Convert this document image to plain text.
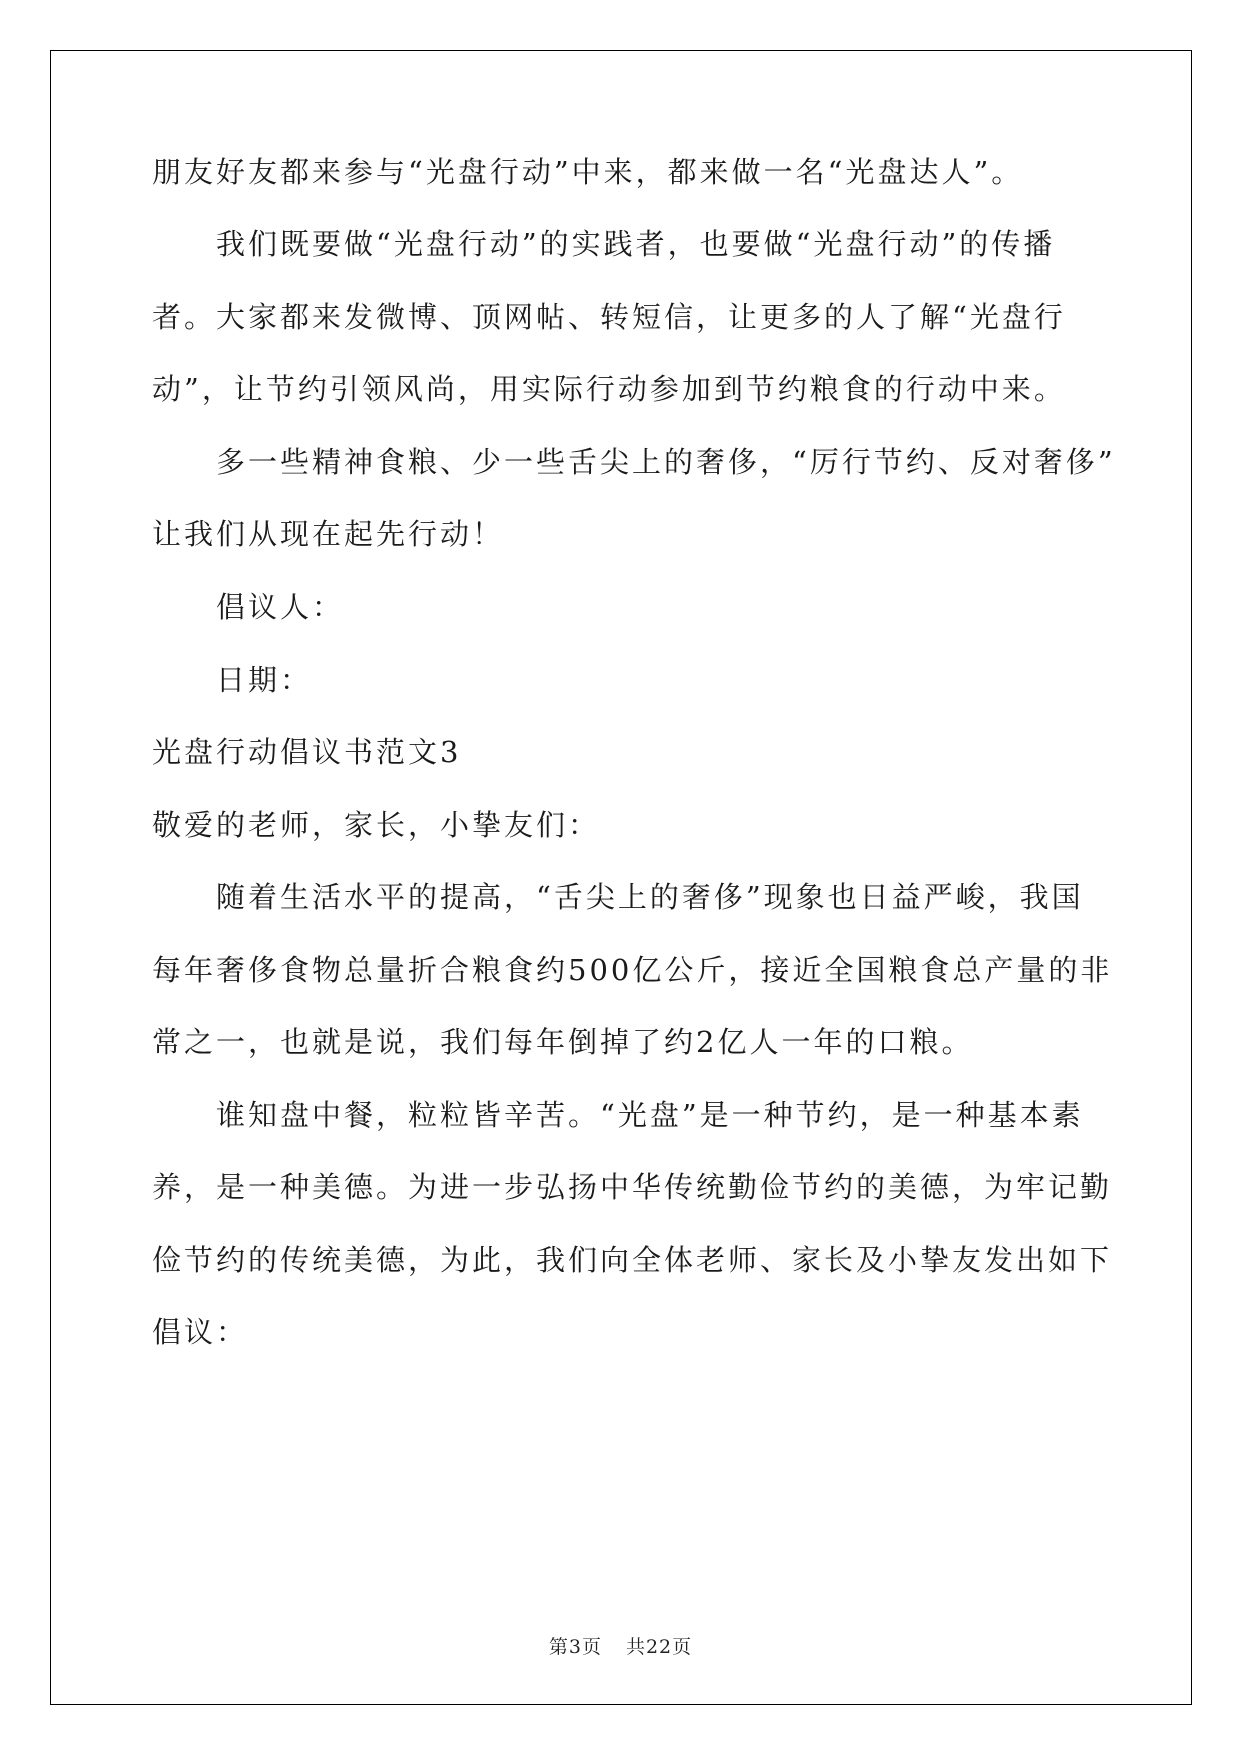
朋友好友都来参与“光盘行动”中来，都来做一名“光盘达人”。
我们既要做“光盘行动”的实践者，也要做“光盘行动”的传播
者。大家都来发微博、顶网帖、转短信，让更多的人了解“光盘行
动”，让节约引领风尚，用实际行动参加到节约粮食的行动中来。
多一些精神食粮、少一些舌尖上的奢侈，“厉行节约、反对奢侈”
让我们从现在起先行动！
倡议人：
日期：
光盘行动倡议书范文3
敬爱的老师，家长，小挚友们：
随着生活水平的提高，“舌尖上的奢侈”现象也日益严峻，我国
每年奢侈食物总量折合粮食约500亿公斤，接近全国粮食总产量的非
常之一，也就是说，我们每年倒掉了约2亿人一年的口粮。
谁知盘中餐，粒粒皆辛苦。“光盘”是一种节约，是一种基本素
养，是一种美德。为进一步弘扬中华传统勤俭节约的美德，为牢记勤
俭节约的传统美德，为此，我们向全体老师、家长及小挚友发出如下
倡议：
第3页 共22页
